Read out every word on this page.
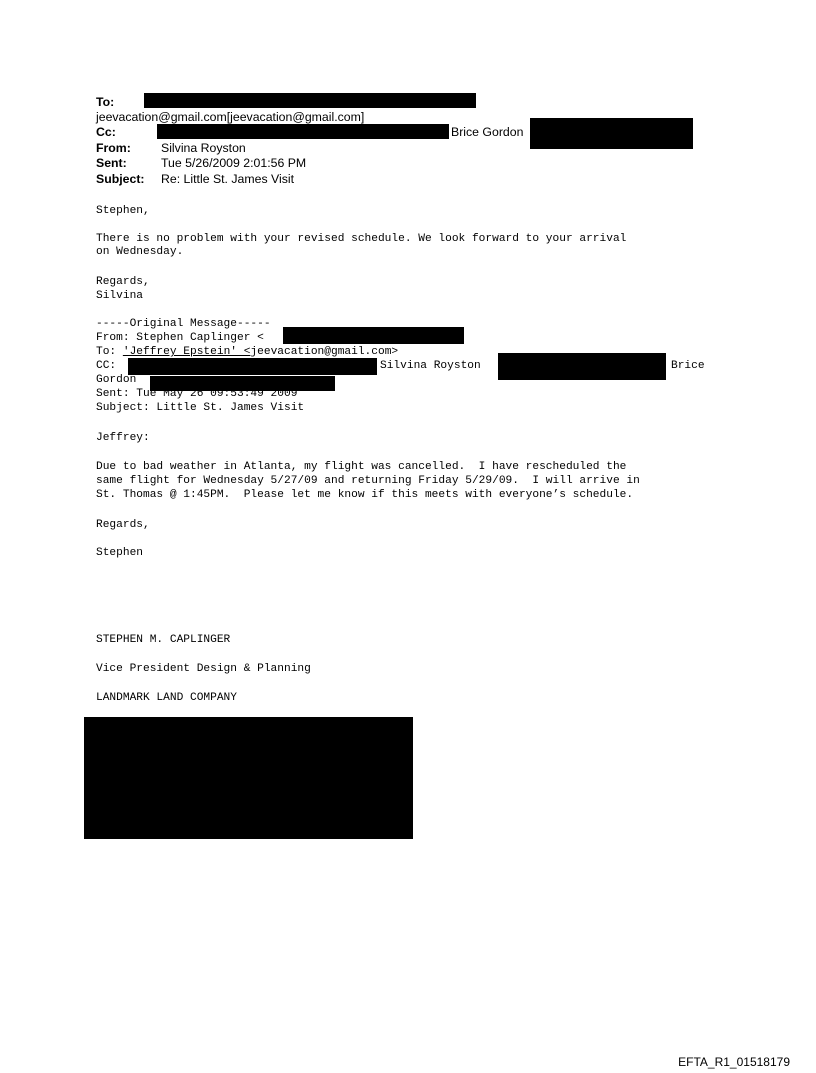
To:
jeevacation@gmail.com[jeevacation@gmail.com]
Cc:	Brice Gordon
From: Silvina Royston
Sent:	Tue 5/26/2009 2:01:56 PM
Subject: Re: Little St. James Visit
Stephen,
There is no problem with your revised schedule. We look forward to your arrival
on Wednesday.
Regards,
Silvina
-----Original Message-----
From: Stephen Caplinger <
To: 'Jeffrey Epstein' <jeevacation@gmail.com>
CC:	Silvina Royston	Brice
Gordon
Sent: Tue May 26 09:53:49 2009
Subject: Little St. James Visit
Jeffrey:
Due to bad weather in Atlanta, my flight was cancelled.  I have rescheduled the
same flight for Wednesday 5/27/09 and returning Friday 5/29/09.  I will arrive in
St. Thomas @ 1:45PM.  Please let me know if this meets with everyone’s schedule.
Regards,
Stephen
STEPHEN M. CAPLINGER
Vice President Design & Planning
LANDMARK LAND COMPANY
EFTA_R1_01518179
